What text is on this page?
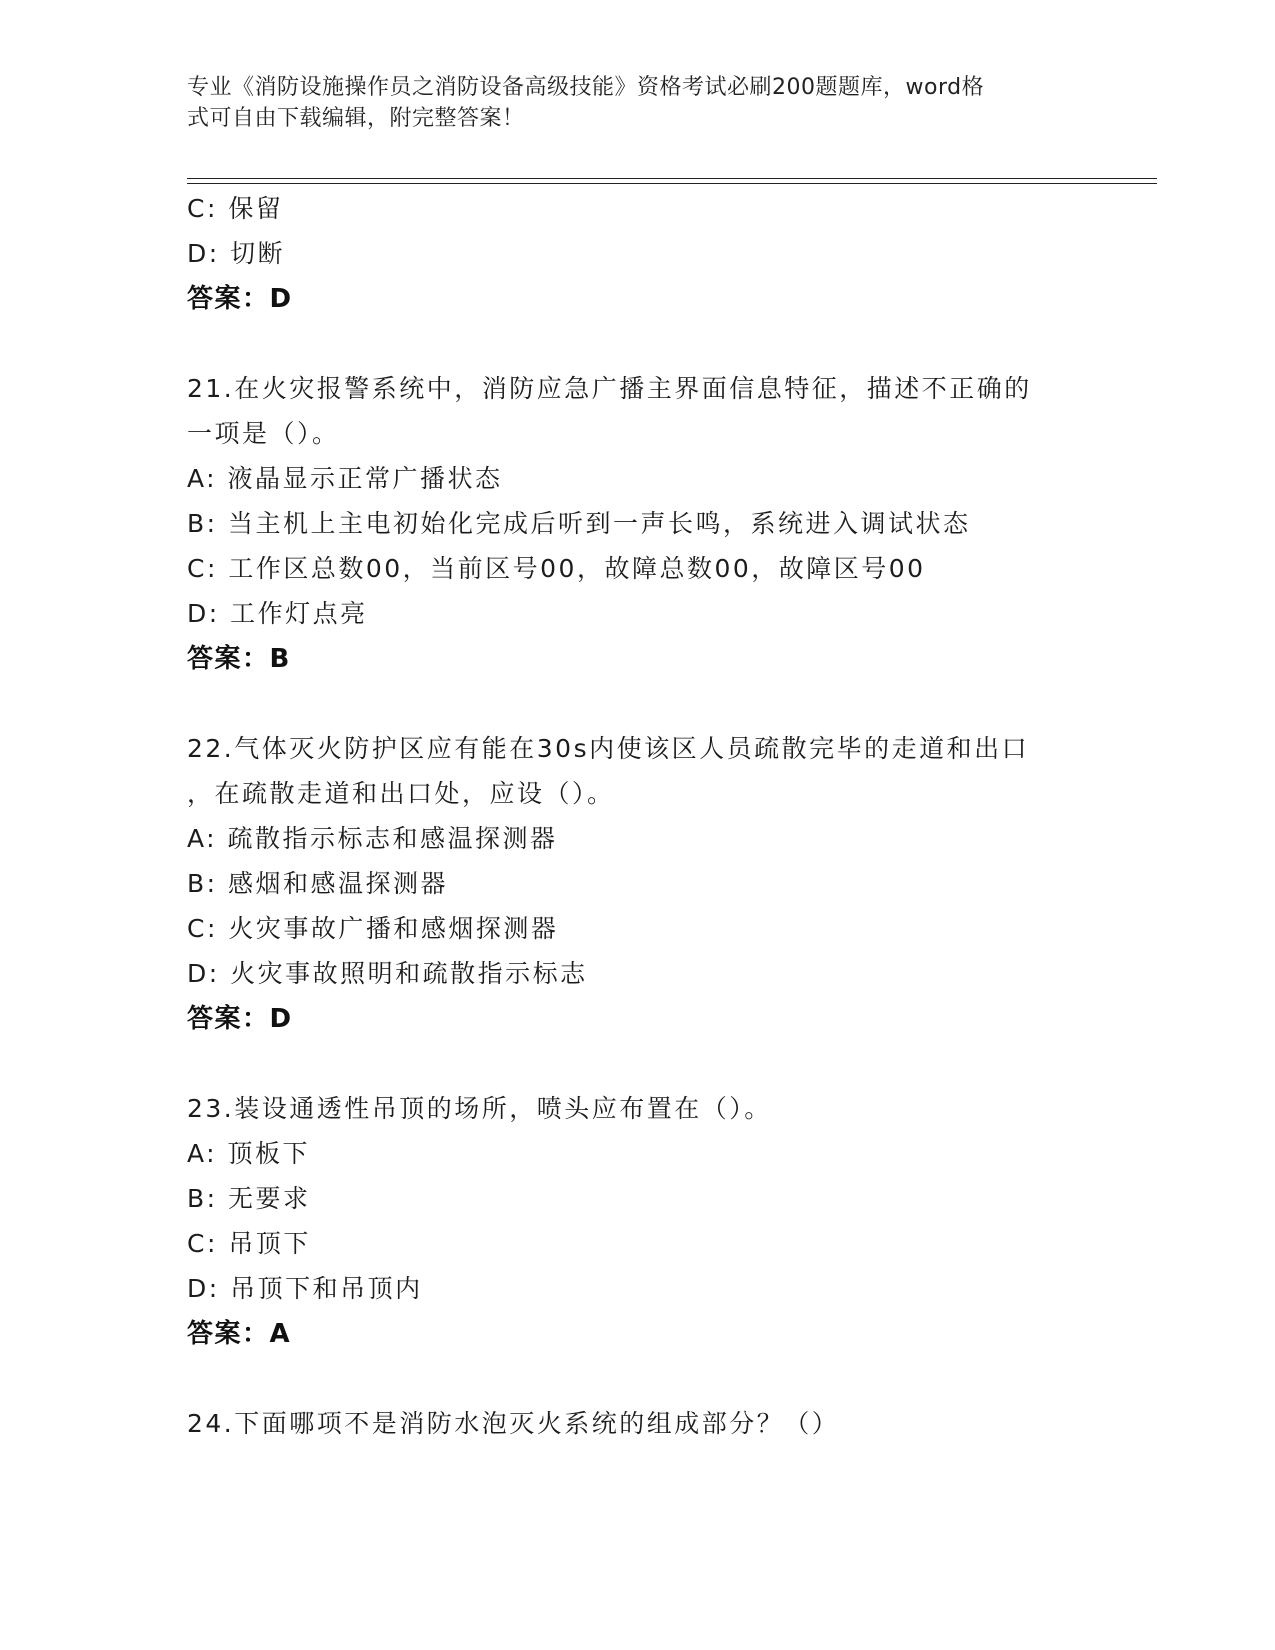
专业《消防设施操作员之消防设备高级技能》资格考试必刷200题题库，word格
式可自由下载编辑，附完整答案！
C: 保留
D: 切断
答案：D
21.在火灾报警系统中，消防应急广播主界面信息特征，描述不正确的
一项是（）。
A: 液晶显示正常广播状态
B: 当主机上主电初始化完成后听到一声长鸣，系统进入调试状态
C: 工作区总数00，当前区号00，故障总数00，故障区号00
D: 工作灯点亮
答案：B
22.气体灭火防护区应有能在30s内使该区人员疏散完毕的走道和出口
，在疏散走道和出口处，应设（）。
A: 疏散指示标志和感温探测器
B: 感烟和感温探测器
C: 火灾事故广播和感烟探测器
D: 火灾事故照明和疏散指示标志
答案：D
23.装设通透性吊顶的场所，喷头应布置在（）。
A: 顶板下
B: 无要求
C: 吊顶下
D: 吊顶下和吊顶内
答案：A
24.下面哪项不是消防水泡灭火系统的组成部分？（）
